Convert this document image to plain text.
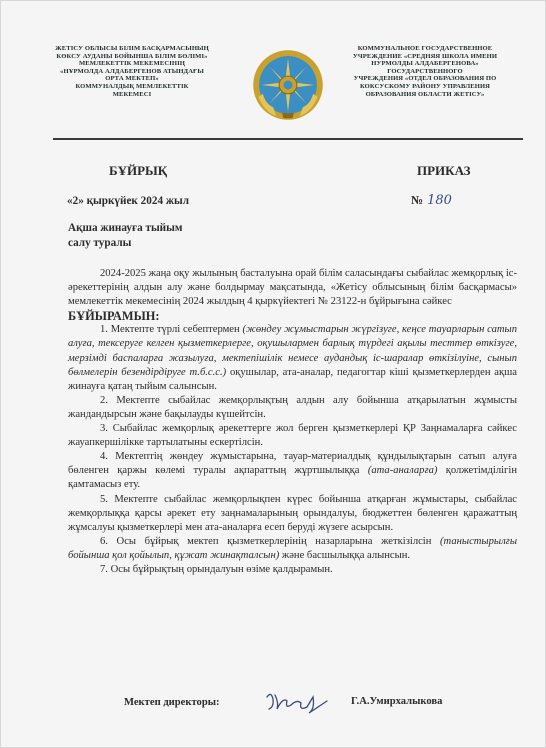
ЖЕТІСУ ОБЛЫСЫ БІЛІМ БАСҚАРМАСЫНЫҢ
КӨКСУ АУДАНЫ БОЙЫНША БІЛІМ БӨЛІМІ»
МЕМЛЕКЕТТІК МЕКЕМЕСІНІҢ
«НҰРМОЛДА АЛДАБЕРГЕНОВ АТЫНДАҒЫ
ОРТА МЕКТЕП»
КОММУНАЛДЫҚ МЕМЛЕКЕТТІК
МЕКЕМЕСІ
КОММУНАЛЬНОЕ ГОСУДАРСТВЕННОЕ
УЧРЕЖДЕНИЕ «СРЕДНЯЯ ШКОЛА ИМЕНИ
НУРМОЛДЫ АЛДАБЕРГЕНОВА»
ГОСУДАРСТВЕННОГО
УЧРЕЖДЕНИЯ «ОТДЕЛ ОБРАЗОВАНИЯ ПО
КОКСУСКОМУ РАЙОНУ УПРАВЛЕНИЯ
ОБРАЗОВАНИЯ ОБЛАСТИ ЖЕТІСУ»
БҰЙРЫҚ	ПРИКАЗ
«2» қыркүйек 2024 жыл	№ 180
Ақша жинауға тыйым
салу туралы

2024-2025 жаңа оқу жылының басталуына орай білім саласындағы сыбайлас жемқорлық іс-әрекеттерінің алдын алу және болдырмау мақсатында, «Жетісу облысының білім басқармасы» мемлекеттік мекемесінің 2024 жылдың 4 қыркүйектегі № 23122-н бұйрығына сәйкес

БҰЙЫРАМЫН:

1. Мектепте түрлі себептермен (жөндеу жұмыстарын жүргізуге, кеңсе тауарларын сатып алуға, тексеруге келген қызметкерлерге, оқушылармен барлық түрдегі ақылы тесттер өткізуге, мерзімді баспаларға жазылуға, мектепішілік немесе аудандық іс-шаралар өткізілуіне, сынып бөлмелерін безендірдіруге т.б.с.с.) оқушылар, ата-аналар, педагогтар кіші қызметкерлерден ақша жинауға қатаң тыйым салынсын.

2. Мектепте сыбайлас жемқорлықтың алдын алу бойынша атқарылатын жұмысты жандандырсын және бақылауды күшейтсін.

3. Сыбайлас жемқорлық әрекеттерге жол берген қызметкерлері ҚР Заңнамаларға сәйкес жауапкершілікке тартылатыны ескертілсін.

4. Мектептің жөндеу жұмыстарына, тауар-материалдық құндылықтарын сатып алуға бөленген қаржы көлемі туралы ақпараттың жұртшылыққа (ата-аналарға) қолжетімділігін қамтамасыз ету.

5. Мектепте сыбайлас жемқорлықпен күрес бойынша атқарған жұмыстары, сыбайлас жемқорлыққа қарсы әрекет ету заңнамаларының орындалуы, бюджеттен бөленген қаражаттың жұмсалуы қызметкерлері мен ата-аналарға есеп беруді жүзеге асырсын.

6. Осы бұйрық мектеп қызметкерлерінің назарларына жеткізілсін (таныстырылғы бойынша қол қойылып, құжат жинақталсын) және басшылыққа алынсын.

7. Осы бұйрықтың орындалуын өзіме қалдырамын.

Мектеп директоры:	Г.А.Умирхалыкова
